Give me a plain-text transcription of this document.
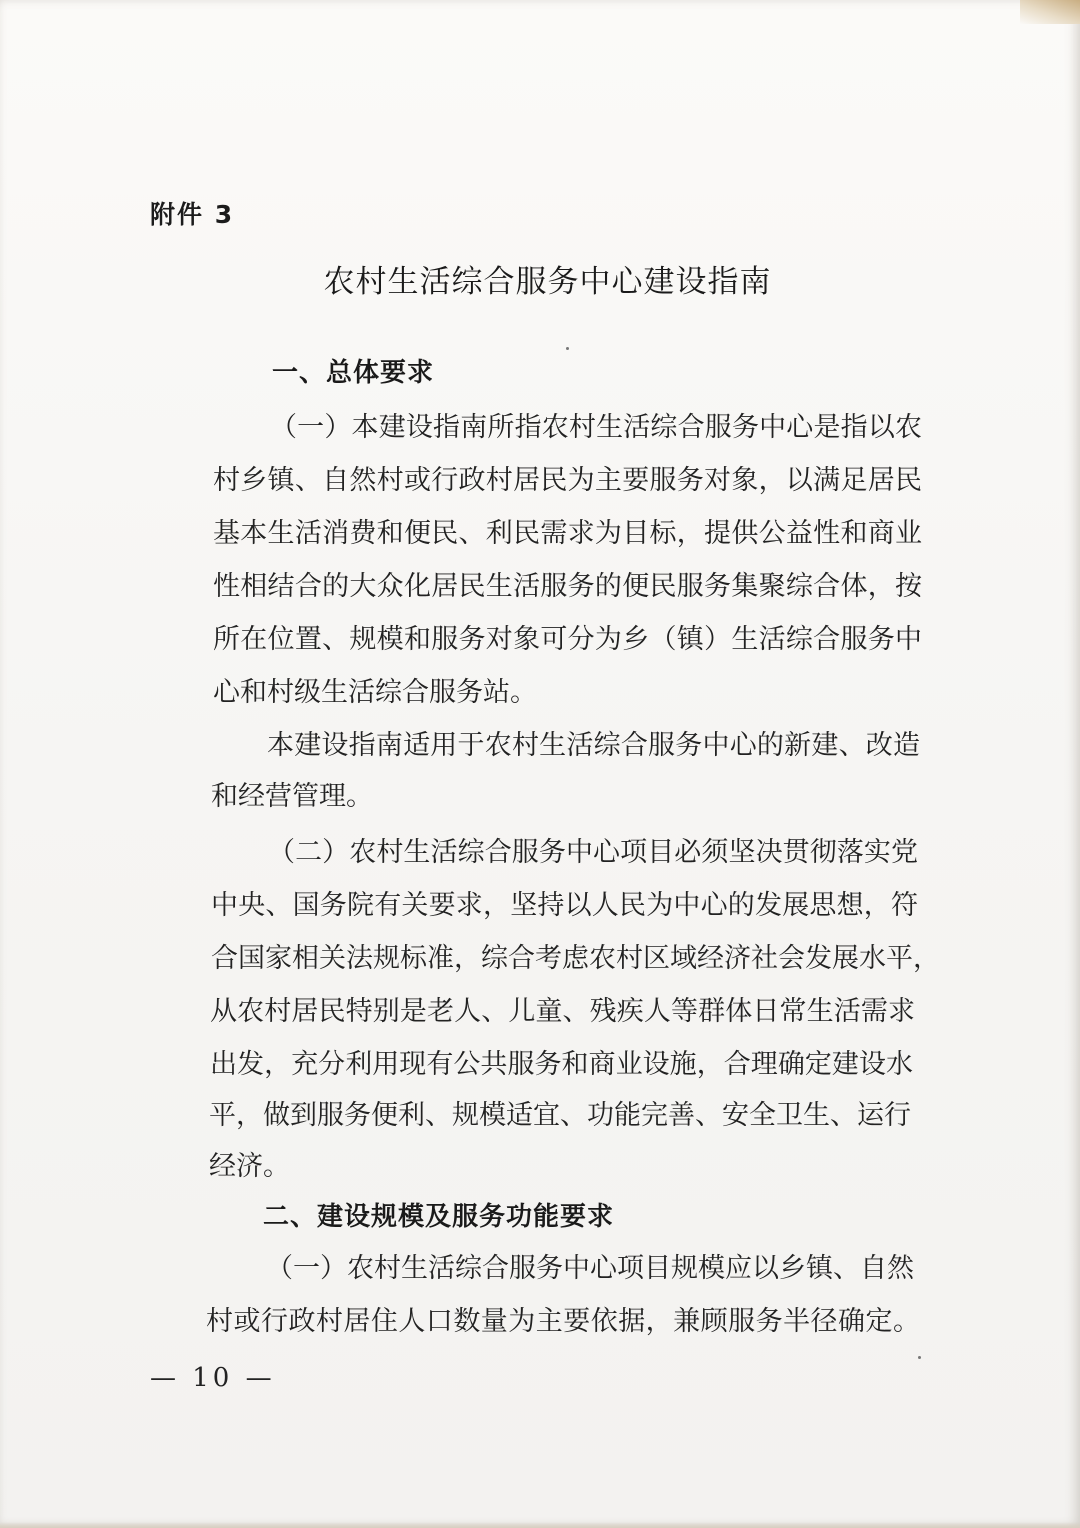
附件 3
农村生活综合服务中心建设指南
一、总体要求
（一）本建设指南所指农村生活综合服务中心是指以农
村乡镇、自然村或行政村居民为主要服务对象，以满足居民
基本生活消费和便民、利民需求为目标，提供公益性和商业
性相结合的大众化居民生活服务的便民服务集聚综合体，按
所在位置、规模和服务对象可分为乡（镇）生活综合服务中
心和村级生活综合服务站。
本建设指南适用于农村生活综合服务中心的新建、改造
和经营管理。
（二）农村生活综合服务中心项目必须坚决贯彻落实党
中央、国务院有关要求，坚持以人民为中心的发展思想，符
合国家相关法规标准，综合考虑农村区域经济社会发展水平，
从农村居民特别是老人、儿童、残疾人等群体日常生活需求
出发，充分利用现有公共服务和商业设施，合理确定建设水
平，做到服务便利、规模适宜、功能完善、安全卫生、运行
经济。
二、建设规模及服务功能要求
（一）农村生活综合服务中心项目规模应以乡镇、自然
村或行政村居住人口数量为主要依据，兼顾服务半径确定。
— 10 —
